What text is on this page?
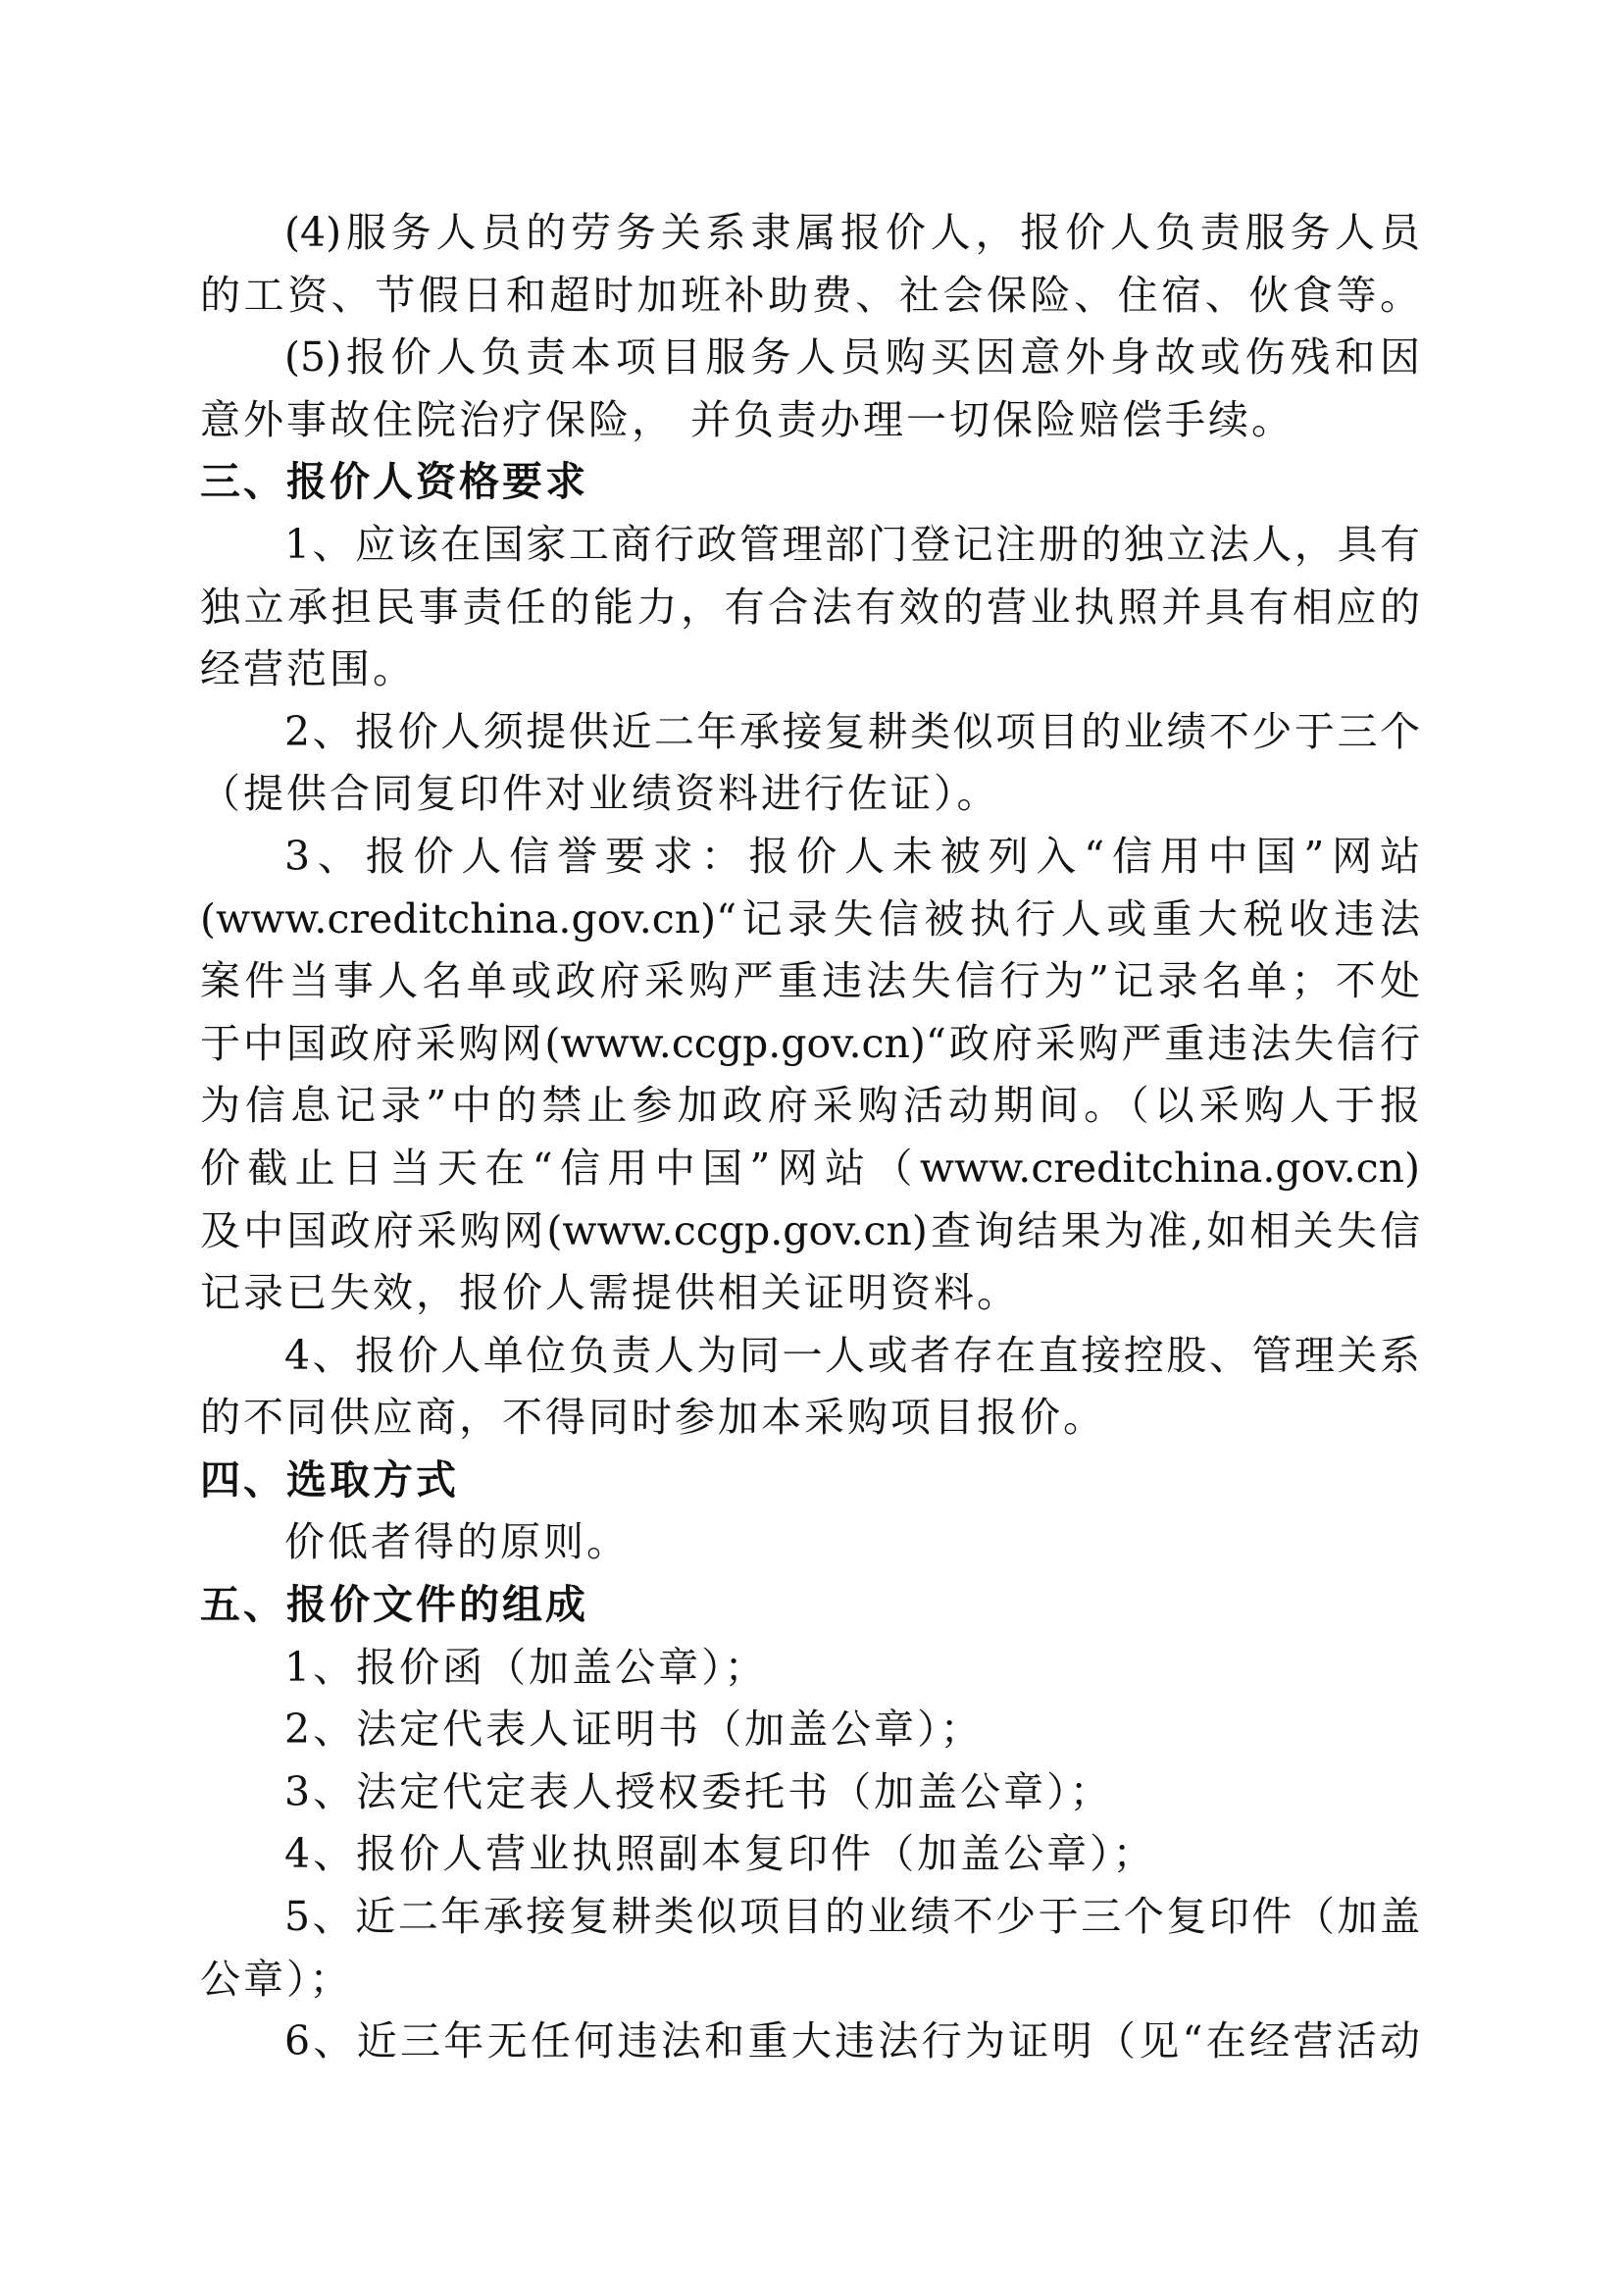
(4)服务人员的劳务关系隶属报价人，报价人负责服务人员
的工资、节假日和超时加班补助费、社会保险、住宿、伙食等。
(5)报价人负责本项目服务人员购买因意外身故或伤残和因
意外事故住院治疗保险， 并负责办理一切保险赔偿手续。
三、报价人资格要求
1、应该在国家工商行政管理部门登记注册的独立法人，具有
独立承担民事责任的能力，有合法有效的营业执照并具有相应的
经营范围。
2、报价人须提供近二年承接复耕类似项目的业绩不少于三个
（提供合同复印件对业绩资料进行佐证）。
3、报价人信誉要求：报价人未被列入“信用中国”网站
(www.creditchina.gov.cn)“记录失信被执行人或重大税收违法
案件当事人名单或政府采购严重违法失信行为”记录名单；不处
于中国政府采购网(www.ccgp.gov.cn)“政府采购严重违法失信行
为信息记录”中的禁止参加政府采购活动期间。（以采购人于报
价截止日当天在“信用中国”网站（www.creditchina.gov.cn)
及中国政府采购网(www.ccgp.gov.cn)查询结果为准,如相关失信
记录已失效，报价人需提供相关证明资料。
4、报价人单位负责人为同一人或者存在直接控股、管理关系
的不同供应商，不得同时参加本采购项目报价。
四、选取方式
价低者得的原则。
五、报价文件的组成
1、报价函（加盖公章）；
2、法定代表人证明书（加盖公章）；
3、法定代定表人授权委托书（加盖公章）；
4、报价人营业执照副本复印件（加盖公章）；
5、近二年承接复耕类似项目的业绩不少于三个复印件（加盖
公章）；
6、近三年无任何违法和重大违法行为证明（见“在经营活动
